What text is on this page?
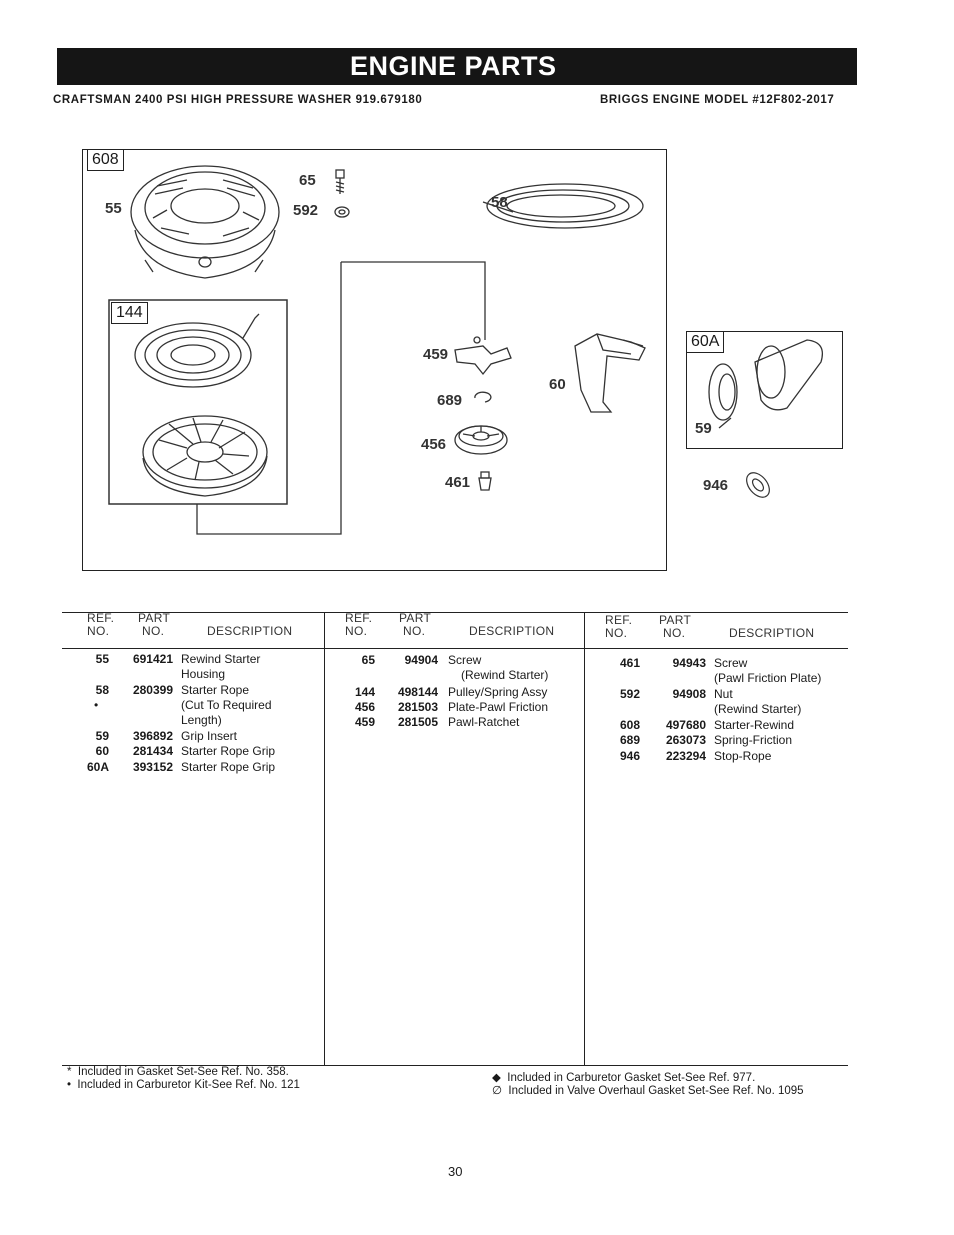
ENGINE PARTS
CRAFTSMAN 2400 PSI HIGH PRESSURE WASHER 919.679180	BRIGGS ENGINE MODEL #12F802-2017
608
144
55
65
592	58
459
689
60
456
461
60A
59
946
REF.
NO.
PART
NO.	DESCRIPTION
55	691421 Rewind Starter
Housing
58	280399 Starter Rope
•	(Cut To Required
Length)
59	396892 Grip Insert
60	281434 Starter Rope Grip
60A	393152 Starter Rope Grip
REF.
NO.
PART
NO.	DESCRIPTION
65	94904 Screw
(Rewind Starter)
144	498144 Pulley/Spring Assy
456	281503 Plate-Pawl Friction
459	281505 Pawl-Ratchet
REF.
NO.
PART
NO.	DESCRIPTION
461	94943 Screw
(Pawl Friction Plate)
592	94908 Nut
(Rewind Starter)
608	497680 Starter-Rewind
689	263073 Spring-Friction
946	223294 Stop-Rope
* Included in Gasket Set-See Ref. No. 358.
• Included in Carburetor Kit-See Ref. No. 121
◆ Included in Carburetor Gasket Set-See Ref. 977.
∅ Included in Valve Overhaul Gasket Set-See Ref. No. 1095
30
